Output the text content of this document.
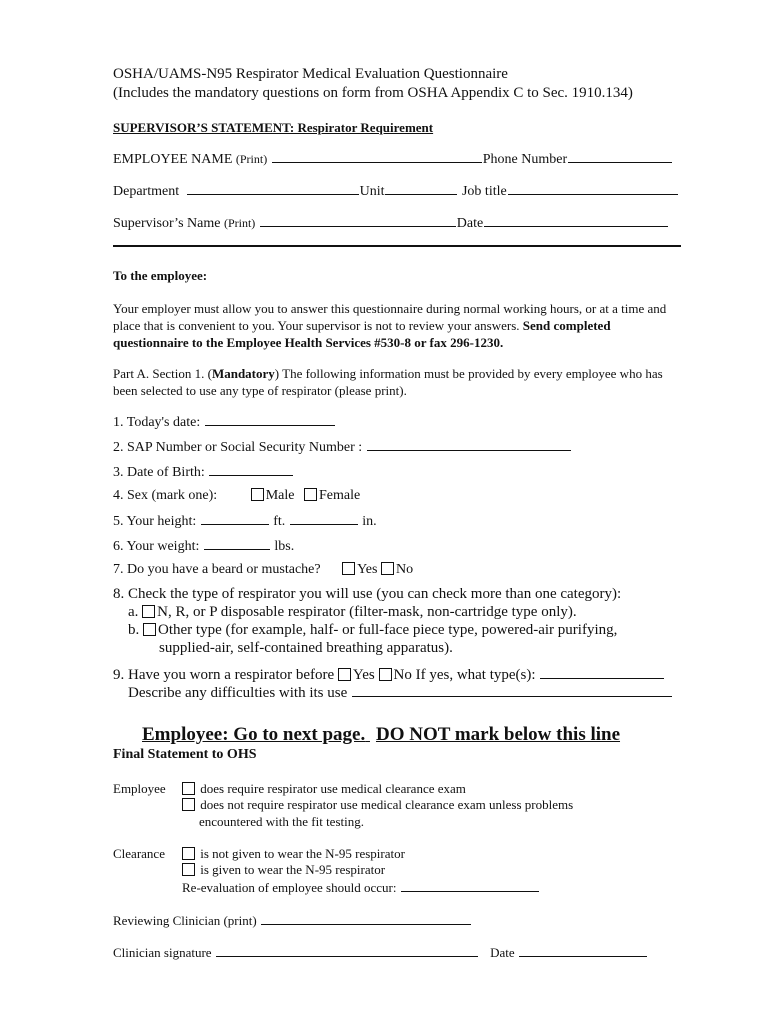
OSHA/UAMS-N95 Respirator Medical Evaluation Questionnaire
(Includes the mandatory questions on form from OSHA Appendix C to Sec. 1910.134)
SUPERVISOR’S STATEMENT: Respirator Requirement
EMPLOYEE NAME (Print)	Phone Number
Department	Unit	Job title
Supervisor’s Name (Print)	Date
To the employee:
Your employer must allow you to answer this questionnaire during normal working hours, or at a time and place that is convenient to you. Your supervisor is not to review your answers. Send completed questionnaire to the Employee Health Services #530-8 or fax 296-1230.
Part A. Section 1. (Mandatory) The following information must be provided by every employee who has been selected to use any type of respirator (please print).
1. Today's date:
2. SAP Number or Social Security Number :
3. Date of Birth:
4. Sex (mark one):	Male Female
5. Your height:	ft.	in.
6. Your weight:	lbs.
7. Do you have a beard or mustache?	Yes No
8. Check the type of respirator you will use (you can check more than one category):
a. N, R, or P disposable respirator (filter-mask, non-cartridge type only).
b. Other type (for example, half- or full-face piece type, powered-air purifying,
supplied-air, self-contained breathing apparatus).
9. Have you worn a respirator before Yes No If yes, what type(s):
Describe any difficulties with its use
Employee: Go to next page. DO NOT mark below this line
Final Statement to OHS
Employee	does require respirator use medical clearance exam
does not require respirator use medical clearance exam unless problems
encountered with the fit testing.
Clearance	is not given to wear the N-95 respirator
is given to wear the N-95 respirator
Re-evaluation of employee should occur:
Reviewing Clinician (print)
Clinician signature	Date
